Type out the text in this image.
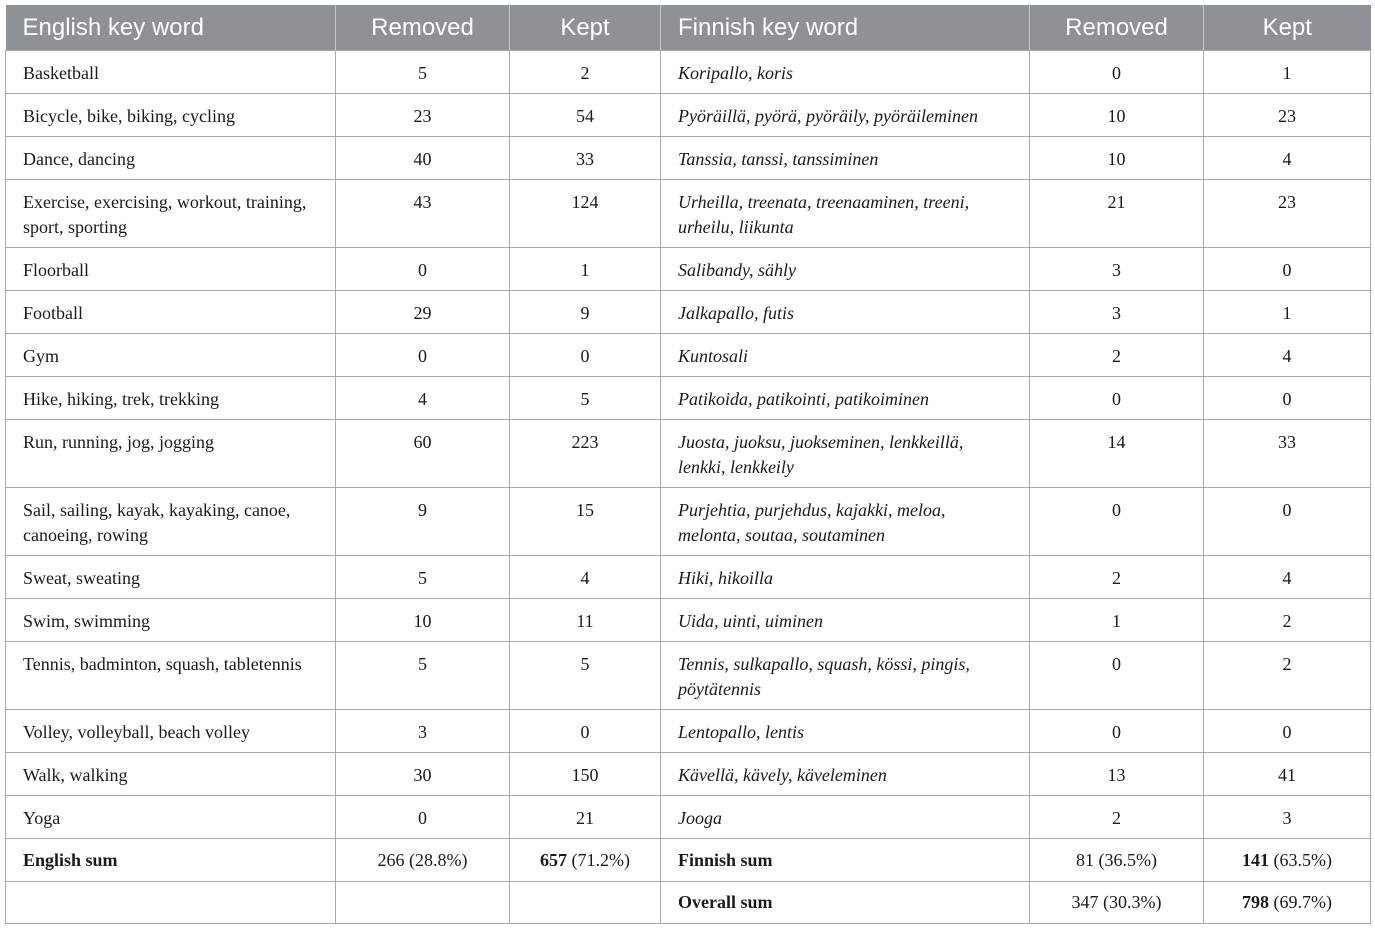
English key word	Removed	Kept	Finnish key word	Removed	Kept
Basketball	5	2	Koripallo, koris	0	1
Bicycle, bike, biking, cycling	23	54	Pyöräillä, pyörä, pyöräily, pyöräileminen	10	23
Dance, dancing	40	33	Tanssia, tanssi, tanssiminen	10	4
Exercise, exercising, workout, training, sport, sporting	43	124	Urheilla, treenata, treenaaminen, treeni, urheilu, liikunta	21	23
Floorball	0	1	Salibandy, sähly	3	0
Football	29	9	Jalkapallo, futis	3	1
Gym	0	0	Kuntosali	2	4
Hike, hiking, trek, trekking	4	5	Patikoida, patikointi, patikoiminen	0	0
Run, running, jog, jogging	60	223	Juosta, juoksu, juokseminen, lenkkeillä, lenkki, lenkkeily	14	33
Sail, sailing, kayak, kayaking, canoe, canoeing, rowing	9	15	Purjehtia, purjehdus, kajakki, meloa, melonta, soutaa, soutaminen	0	0
Sweat, sweating	5	4	Hiki, hikoilla	2	4
Swim, swimming	10	11	Uida, uinti, uiminen	1	2
Tennis, badminton, squash, tabletennis	5	5	Tennis, sulkapallo, squash, kössi, pingis, pöytätennis	0	2
Volley, volleyball, beach volley	3	0	Lentopallo, lentis	0	0
Walk, walking	30	150	Kävellä, kävely, käveleminen	13	41
Yoga	0	21	Jooga	2	3
English sum	266 (28.8%)	657 (71.2%)	Finnish sum	81 (36.5%)	141 (63.5%)
			Overall sum	347 (30.3%)	798 (69.7%)
